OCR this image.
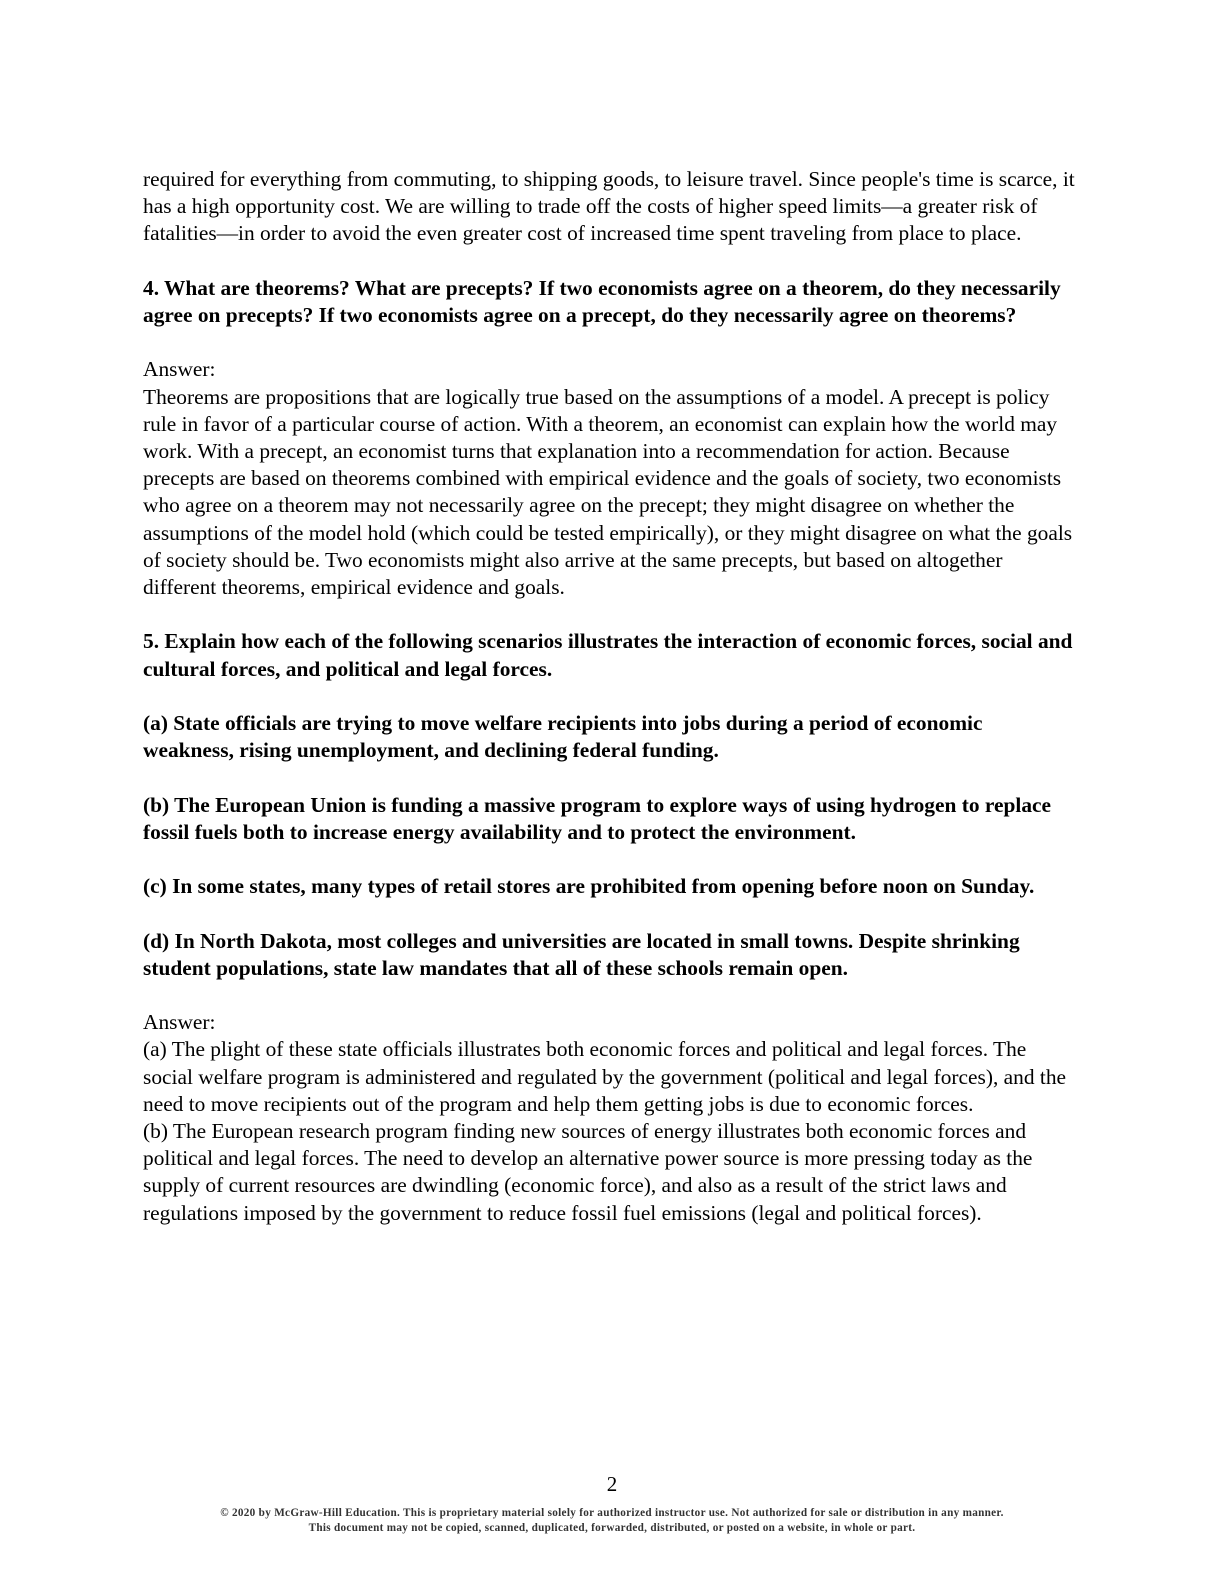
required for everything from commuting, to shipping goods, to leisure travel. Since people's time is scarce, it has a high opportunity cost. We are willing to trade off the costs of higher speed limits—a greater risk of fatalities—in order to avoid the even greater cost of increased time spent traveling from place to place.

4. What are theorems? What are precepts? If two economists agree on a theorem, do they necessarily agree on precepts? If two economists agree on a precept, do they necessarily agree on theorems?

Answer:
Theorems are propositions that are logically true based on the assumptions of a model. A precept is policy rule in favor of a particular course of action. With a theorem, an economist can explain how the world may work. With a precept, an economist turns that explanation into a recommendation for action. Because precepts are based on theorems combined with empirical evidence and the goals of society, two economists who agree on a theorem may not necessarily agree on the precept; they might disagree on whether the assumptions of the model hold (which could be tested empirically), or they might disagree on what the goals of society should be. Two economists might also arrive at the same precepts, but based on altogether different theorems, empirical evidence and goals.

5. Explain how each of the following scenarios illustrates the interaction of economic forces, social and cultural forces, and political and legal forces.

(a) State officials are trying to move welfare recipients into jobs during a period of economic weakness, rising unemployment, and declining federal funding.

(b) The European Union is funding a massive program to explore ways of using hydrogen to replace fossil fuels both to increase energy availability and to protect the environment.

(c) In some states, many types of retail stores are prohibited from opening before noon on Sunday.

(d) In North Dakota, most colleges and universities are located in small towns. Despite shrinking student populations, state law mandates that all of these schools remain open.

Answer:
(a) The plight of these state officials illustrates both economic forces and political and legal forces. The social welfare program is administered and regulated by the government (political and legal forces), and the need to move recipients out of the program and help them getting jobs is due to economic forces.
(b) The European research program finding new sources of energy illustrates both economic forces and political and legal forces. The need to develop an alternative power source is more pressing today as the supply of current resources are dwindling (economic force), and also as a result of the strict laws and regulations imposed by the government to reduce fossil fuel emissions (legal and political forces).

2
© 2020 by McGraw-Hill Education. This is proprietary material solely for authorized instructor use. Not authorized for sale or distribution in any manner.
This document may not be copied, scanned, duplicated, forwarded, distributed, or posted on a website, in whole or part.
